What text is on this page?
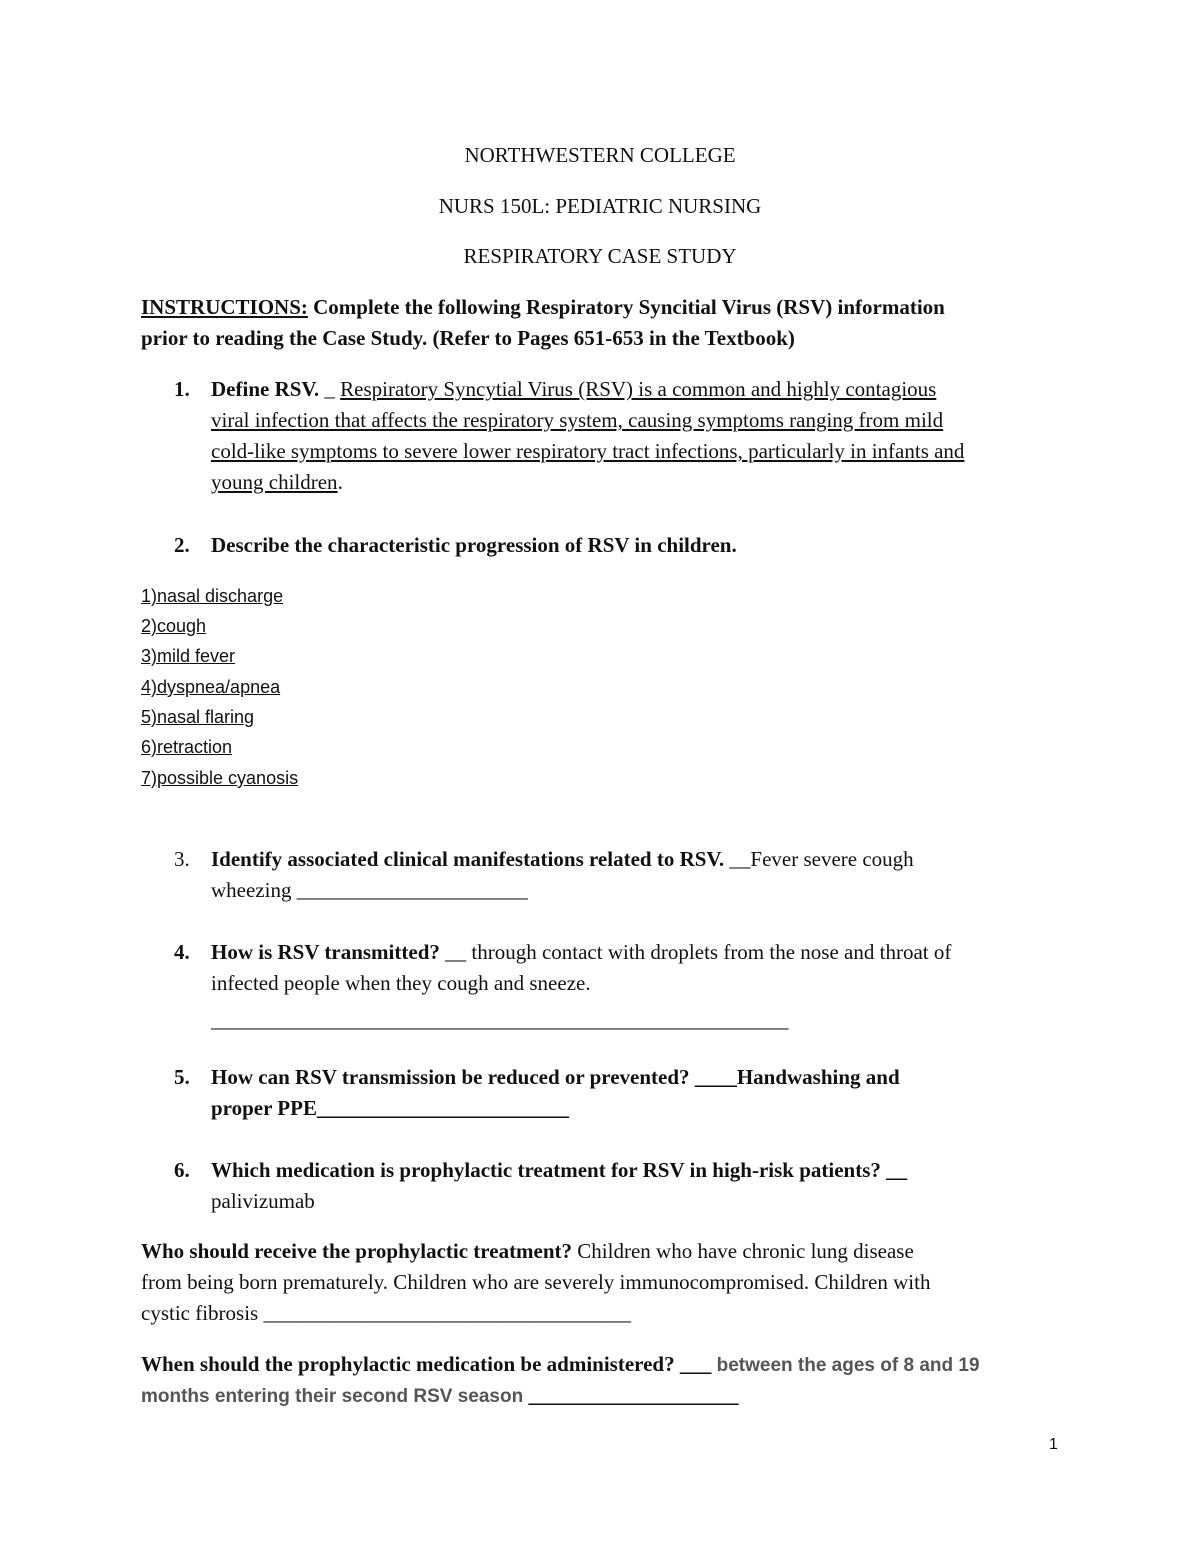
NORTHWESTERN COLLEGE
NURS 150L: PEDIATRIC NURSING
RESPIRATORY CASE STUDY
INSTRUCTIONS: Complete the following Respiratory Syncitial Virus (RSV) information
prior to reading the Case Study. (Refer to Pages 651-653 in the Textbook)
1. Define RSV. _ Respiratory Syncytial Virus (RSV) is a common and highly contagious
viral infection that affects the respiratory system, causing symptoms ranging from mild
cold-like symptoms to severe lower respiratory tract infections, particularly in infants and
young children.
2. Describe the characteristic progression of RSV in children.
1)nasal discharge
2)cough
3)mild fever
4)dyspnea/apnea
5)nasal flaring
6)retraction
7)possible cyanosis
3. Identify associated clinical manifestations related to RSV. __Fever severe cough
wheezing ______________________
4. How is RSV transmitted? __ through contact with droplets from the nose and throat of
infected people when they cough and sneeze.
_______________________________________________________
5. How can RSV transmission be reduced or prevented? ____Handwashing and
proper PPE________________________
6. Which medication is prophylactic treatment for RSV in high-risk patients? __
palivizumab
Who should receive the prophylactic treatment? Children who have chronic lung disease
from being born prematurely. Children who are severely immunocompromised. Children with
cystic fibrosis ___________________________________
When should the prophylactic medication be administered? ___ between the ages of 8 and 19
months entering their second RSV season ____________________
1
